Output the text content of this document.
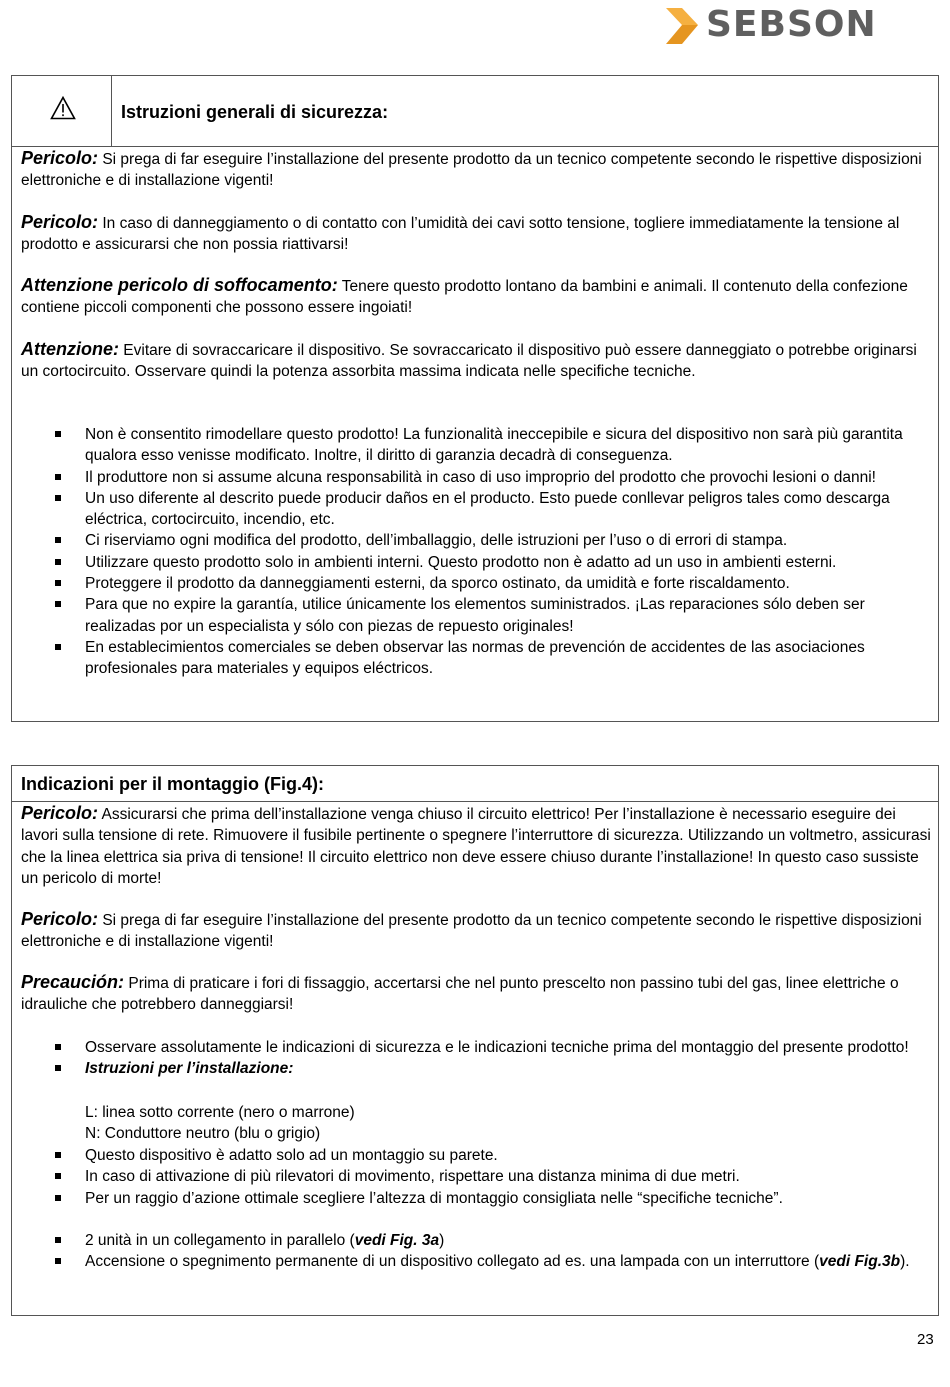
SEBSON
Istruzioni generali di sicurezza:
Pericolo: Si prega di far eseguire l’installazione del presente prodotto da un tecnico competente secondo le rispettive disposizioni elettroniche e di installazione vigenti!
Pericolo: In caso di danneggiamento o di contatto con l’umidità dei cavi sotto tensione, togliere immediatamente la tensione al prodotto e assicurarsi che non possia riattivarsi!
Attenzione pericolo di soffocamento: Tenere questo prodotto lontano da bambini e animali. Il contenuto della confezione contiene piccoli componenti che possono essere ingoiati!
Attenzione: Evitare di sovraccaricare il dispositivo. Se sovraccaricato il dispositivo può essere danneggiato o potrebbe originarsi un cortocircuito. Osservare quindi la potenza assorbita massima indicata nelle specifiche tecniche.
Non è consentito rimodellare questo prodotto! La funzionalità ineccepibile e sicura del dispositivo non sarà più garantita qualora esso venisse modificato. Inoltre, il diritto di garanzia decadrà di conseguenza.
Il produttore non si assume alcuna responsabilità in caso di uso improprio del prodotto che provochi lesioni o danni!
Un uso diferente al descrito puede producir daños en el producto. Esto puede conllevar peligros tales como descarga eléctrica, cortocircuito, incendio, etc.
Ci riserviamo ogni modifica del prodotto, dell’imballaggio, delle istruzioni per l’uso o di errori di stampa.
Utilizzare questo prodotto solo in ambienti interni. Questo prodotto non è adatto ad un uso in ambienti esterni.
Proteggere il prodotto da danneggiamenti esterni, da sporco ostinato, da umidità e forte riscaldamento.
Para que no expire la garantía, utilice únicamente los elementos suministrados. ¡Las reparaciones sólo deben ser realizadas por un especialista y sólo con piezas de repuesto originales!
En establecimientos comerciales se deben observar las normas de prevención de accidentes de las asociaciones profesionales para materiales y equipos eléctricos.
Indicazioni per il montaggio (Fig.4):
Pericolo: Assicurarsi che prima dell’installazione venga chiuso il circuito elettrico! Per l’installazione è necessario eseguire dei lavori sulla tensione di rete. Rimuovere il fusibile pertinente o spegnere l’interruttore di sicurezza. Utilizzando un voltmetro, assicurasi che la linea elettrica sia priva di tensione! Il circuito elettrico non deve essere chiuso durante l’installazione! In questo caso sussiste un pericolo di morte!
Pericolo: Si prega di far eseguire l’installazione del presente prodotto da un tecnico competente secondo le rispettive disposizioni elettroniche e di installazione vigenti!
Precaución: Prima di praticare i fori di fissaggio, accertarsi che nel punto prescelto non passino tubi del gas, linee elettriche o idrauliche che potrebbero danneggiarsi!
Osservare assolutamente le indicazioni di sicurezza e le indicazioni tecniche prima del montaggio del presente prodotto!
Istruzioni per l’installazione:
L: linea sotto corrente (nero o marrone)
N: Conduttore neutro (blu o grigio)
Questo dispositivo è adatto solo ad un montaggio su parete.
In caso di attivazione di più rilevatori di movimento, rispettare una distanza minima di due metri.
Per un raggio d’azione ottimale scegliere l’altezza di montaggio consigliata nelle “specifiche tecniche”.
2 unità in un collegamento in parallelo (vedi Fig. 3a)
Accensione o spegnimento permanente di un dispositivo collegato ad es. una lampada con un interruttore (vedi Fig.3b).
23
